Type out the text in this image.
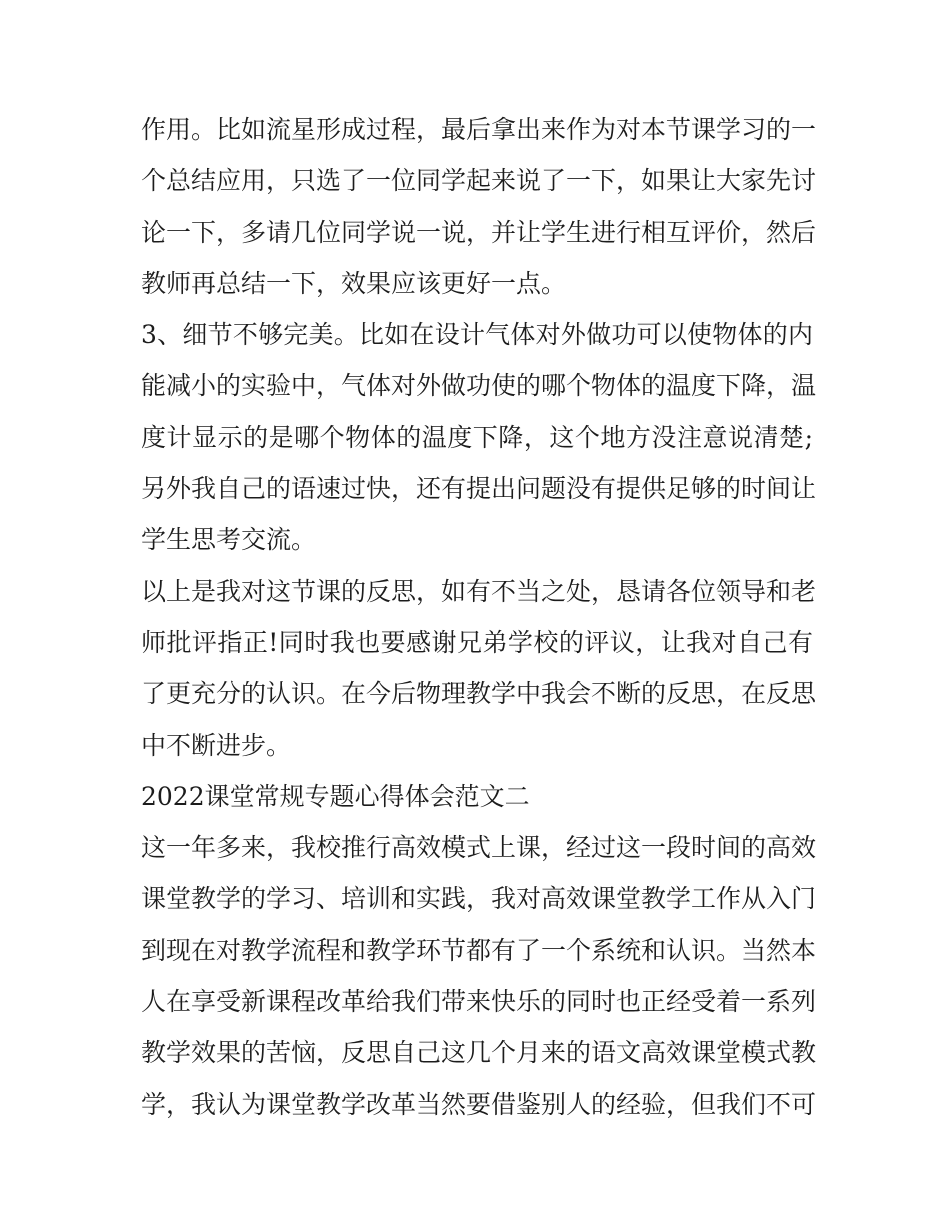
作用。比如流星形成过程，最后拿出来作为对本节课学习的一
个总结应用，只选了一位同学起来说了一下，如果让大家先讨
论一下，多请几位同学说一说，并让学生进行相互评价，然后
教师再总结一下，效果应该更好一点。
3、细节不够完美。比如在设计气体对外做功可以使物体的内
能减小的实验中，气体对外做功使的哪个物体的温度下降，温
度计显示的是哪个物体的温度下降，这个地方没注意说清楚;
另外我自己的语速过快，还有提出问题没有提供足够的时间让
学生思考交流。
以上是我对这节课的反思，如有不当之处，恳请各位领导和老
师批评指正!同时我也要感谢兄弟学校的评议，让我对自己有
了更充分的认识。在今后物理教学中我会不断的反思，在反思
中不断进步。
2022课堂常规专题心得体会范文二
这一年多来，我校推行高效模式上课，经过这一段时间的高效
课堂教学的学习、培训和实践，我对高效课堂教学工作从入门
到现在对教学流程和教学环节都有了一个系统和认识。当然本
人在享受新课程改革给我们带来快乐的同时也正经受着一系列
教学效果的苦恼，反思自己这几个月来的语文高效课堂模式教
学，我认为课堂教学改革当然要借鉴别人的经验，但我们不可
